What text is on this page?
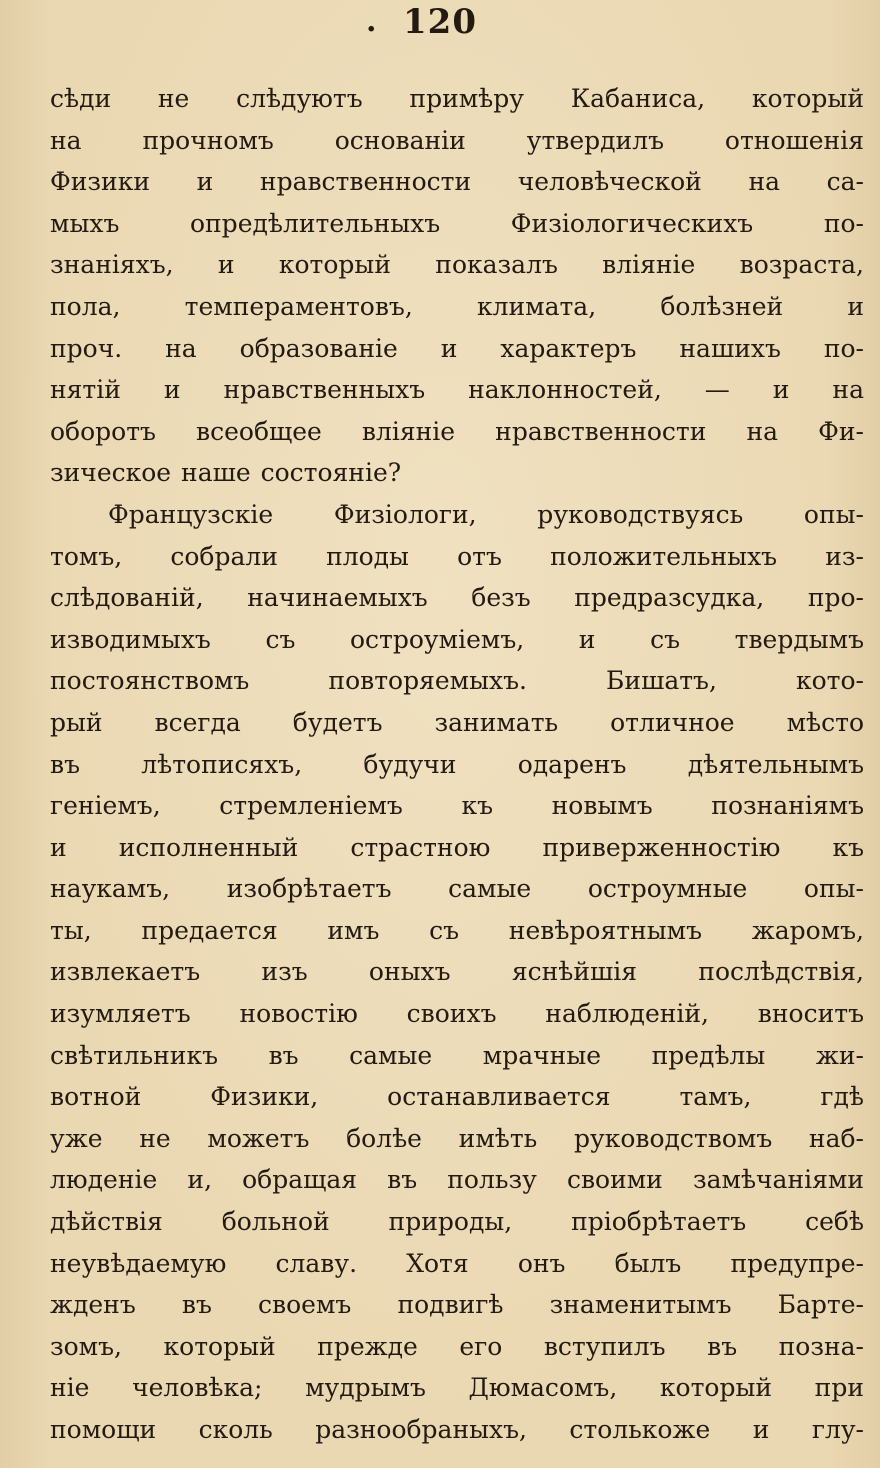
. 120
сѣди не слѣдуютъ примѣру Кабаниса, который
на прочномъ основаніи утвердилъ отношенія
Физики и нравственности человѣческой на са-
мыхъ опредѣлительныхъ Физіологическихъ по-
знаніяхъ, и который показалъ вліяніе возраста,
пола, темпераментовъ, климата, болѣзней и
проч. на образованіе и характеръ нашихъ по-
нятій и нравственныхъ наклонностей, — и на
оборотъ всеобщее вліяніе нравственности на Фи-
зическое наше состояніе?
Французскіе Физіологи, руководствуясь опы-
томъ, собрали плоды отъ положительныхъ из-
слѣдованій, начинаемыхъ безъ предразсудка, про-
изводимыхъ съ остроуміемъ, и съ твердымъ
постоянствомъ повторяемыхъ. Бишатъ, кото-
рый всегда будетъ занимать отличное мѣсто
въ лѣтописяхъ, будучи одаренъ дѣятельнымъ
геніемъ, стремленіемъ къ новымъ познаніямъ
и исполненный страстною приверженностію къ
наукамъ, изобрѣтаетъ самые остроумные опы-
ты, предается имъ съ невѣроятнымъ жаромъ,
извлекаетъ изъ оныхъ яснѣйшія послѣдствія,
изумляетъ новостію своихъ наблюденій, вноситъ
свѣтильникъ въ самые мрачные предѣлы жи-
вотной Физики, останавливается тамъ, гдѣ
уже не можетъ болѣе имѣть руководствомъ наб-
люденіе и, обращая въ пользу своими замѣчаніями
дѣйствія больной природы, пріобрѣтаетъ себѣ
неувѣдаемую славу. Хотя онъ былъ предупре-
жденъ въ своемъ подвигѣ знаменитымъ Барте-
зомъ, который прежде его вступилъ въ позна-
ніе человѣка; мудрымъ Дюмасомъ, который при
помощи сколь разнообраныхъ, столькоже и глу-
